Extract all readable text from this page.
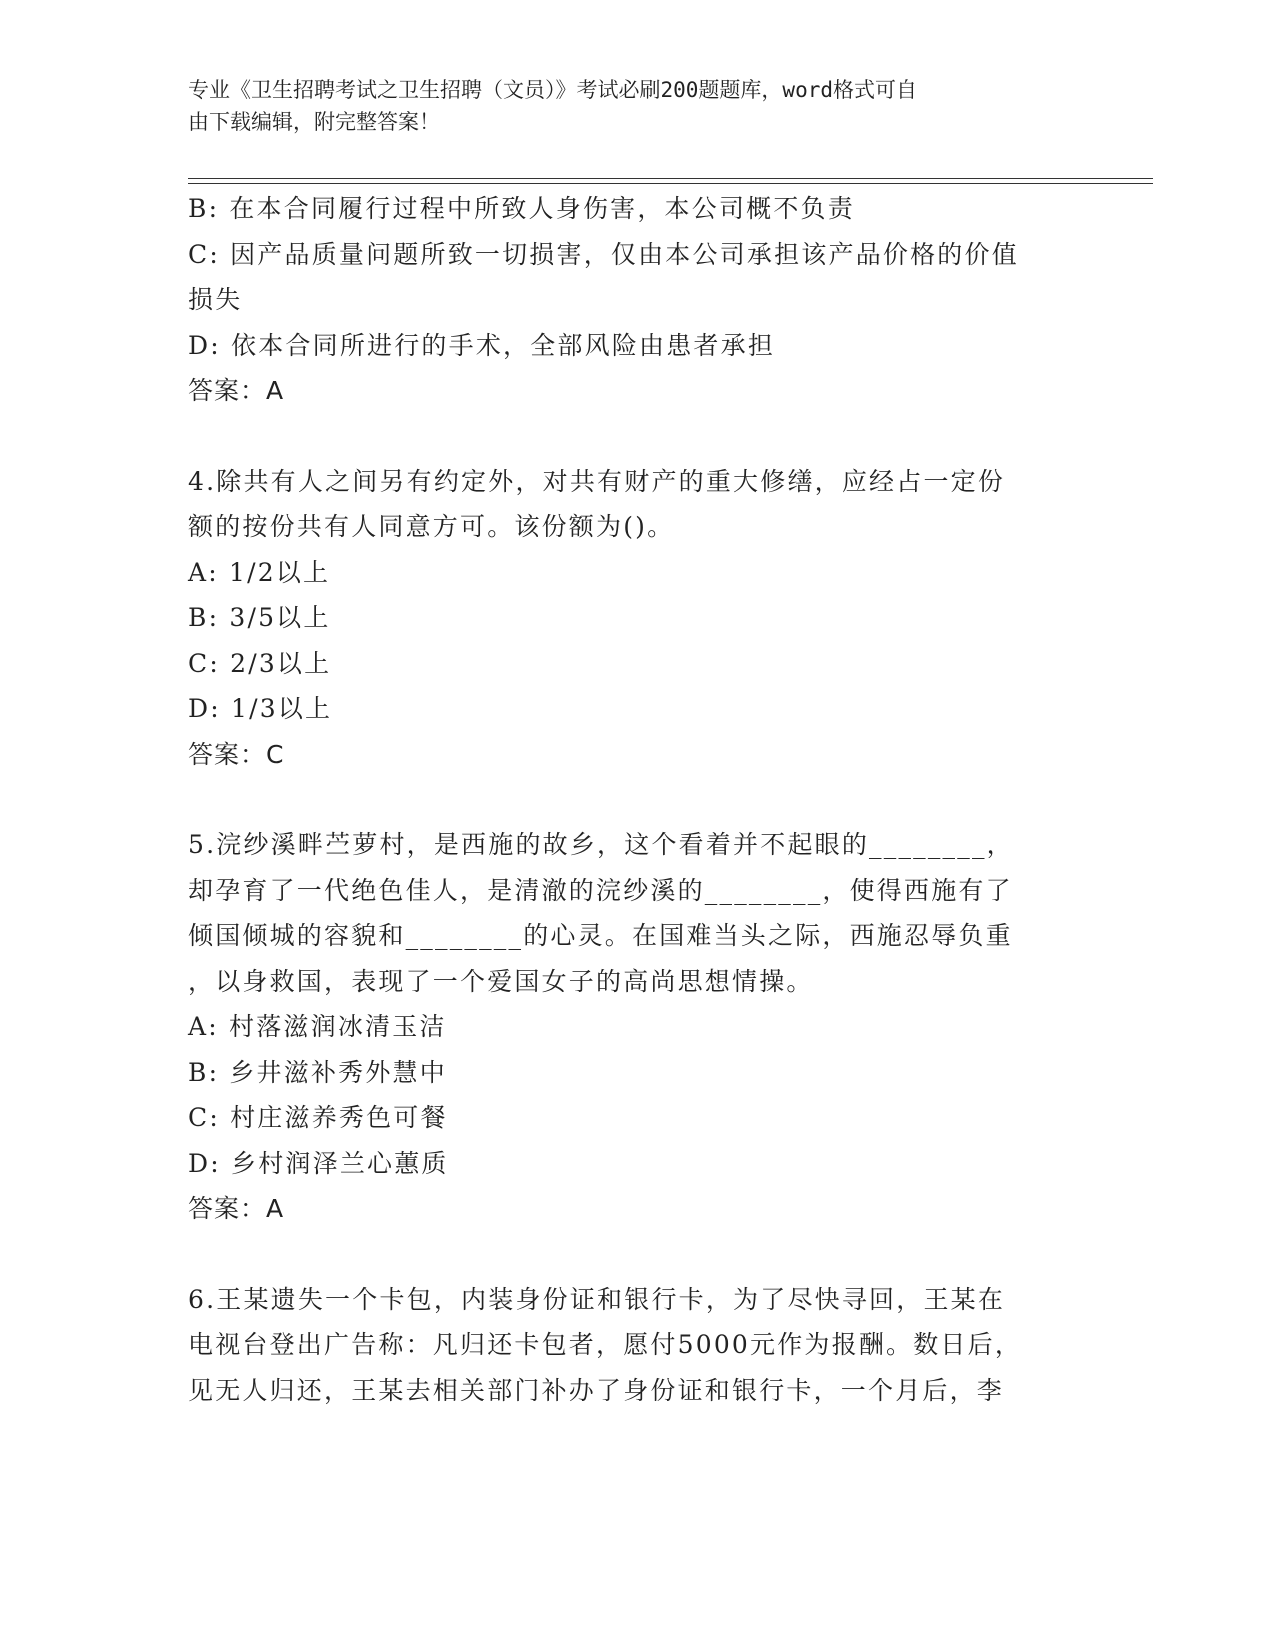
专业《卫生招聘考试之卫生招聘（文员）》考试必刷200题题库，word格式可自
由下载编辑，附完整答案！
B: 在本合同履行过程中所致人身伤害，本公司概不负责
C: 因产品质量问题所致一切损害，仅由本公司承担该产品价格的价值
损失
D: 依本合同所进行的手术，全部风险由患者承担
答案：A
4.除共有人之间另有约定外，对共有财产的重大修缮，应经占一定份
额的按份共有人同意方可。该份额为()。
A: 1/2以上
B: 3/5以上
C: 2/3以上
D: 1/3以上
答案：C
5.浣纱溪畔苎萝村，是西施的故乡，这个看着并不起眼的________，
却孕育了一代绝色佳人，是清澈的浣纱溪的________，使得西施有了
倾国倾城的容貌和________的心灵。在国难当头之际，西施忍辱负重
，以身救国，表现了一个爱国女子的高尚思想情操。
A: 村落滋润冰清玉洁
B: 乡井滋补秀外慧中
C: 村庄滋养秀色可餐
D: 乡村润泽兰心蕙质
答案：A
6.王某遗失一个卡包，内装身份证和银行卡，为了尽快寻回，王某在
电视台登出广告称：凡归还卡包者，愿付5000元作为报酬。数日后，
见无人归还，王某去相关部门补办了身份证和银行卡，一个月后，李
